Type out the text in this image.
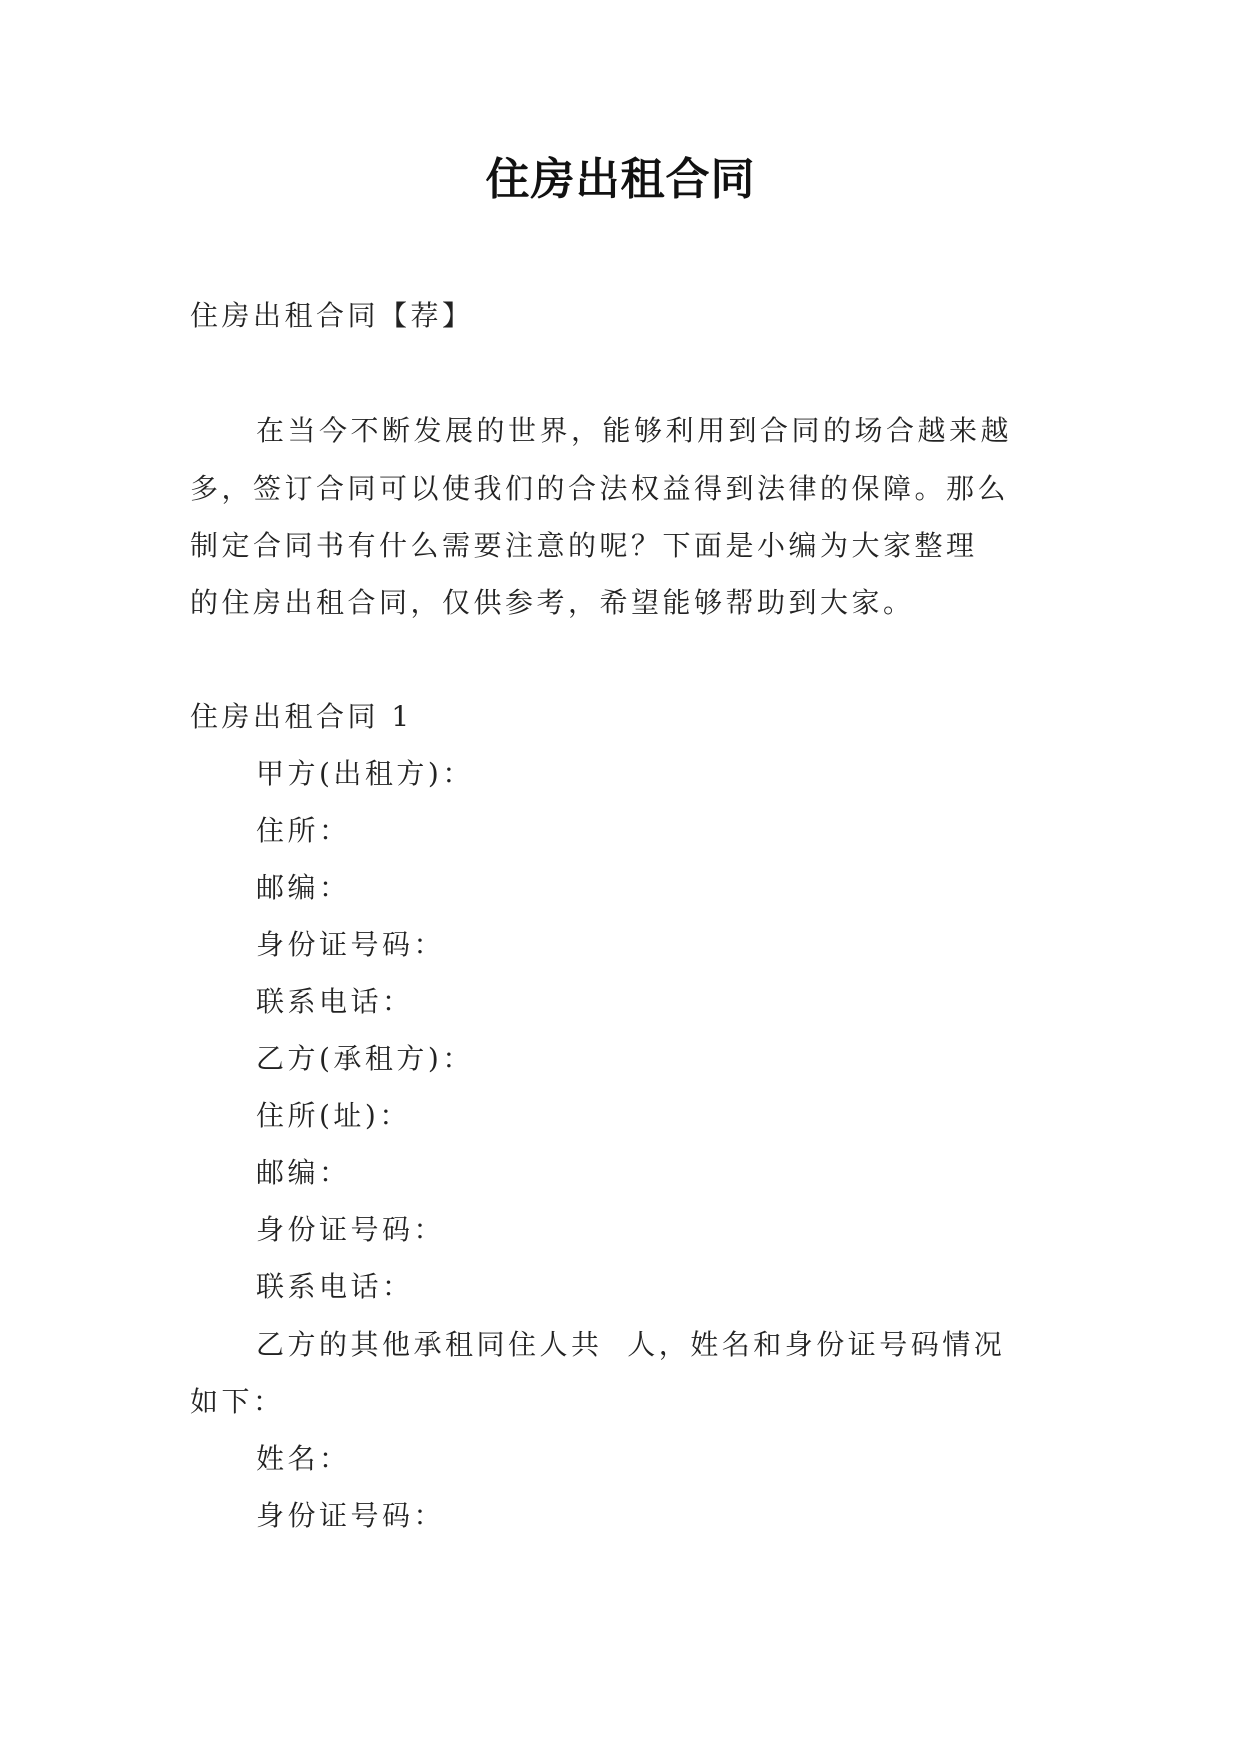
住房出租合同
住房出租合同【荐】
在当今不断发展的世界，能够利用到合同的场合越来越
多，签订合同可以使我们的合法权益得到法律的保障。那么
制定合同书有什么需要注意的呢？下面是小编为大家整理
的住房出租合同，仅供参考，希望能够帮助到大家。
住房出租合同 1
甲方(出租方)：
住所：
邮编：
身份证号码：
联系电话：
乙方(承租方)：
住所(址)：
邮编：
身份证号码：
联系电话：
乙方的其他承租同住人共  人，姓名和身份证号码情况
如下：
姓名：
身份证号码：
